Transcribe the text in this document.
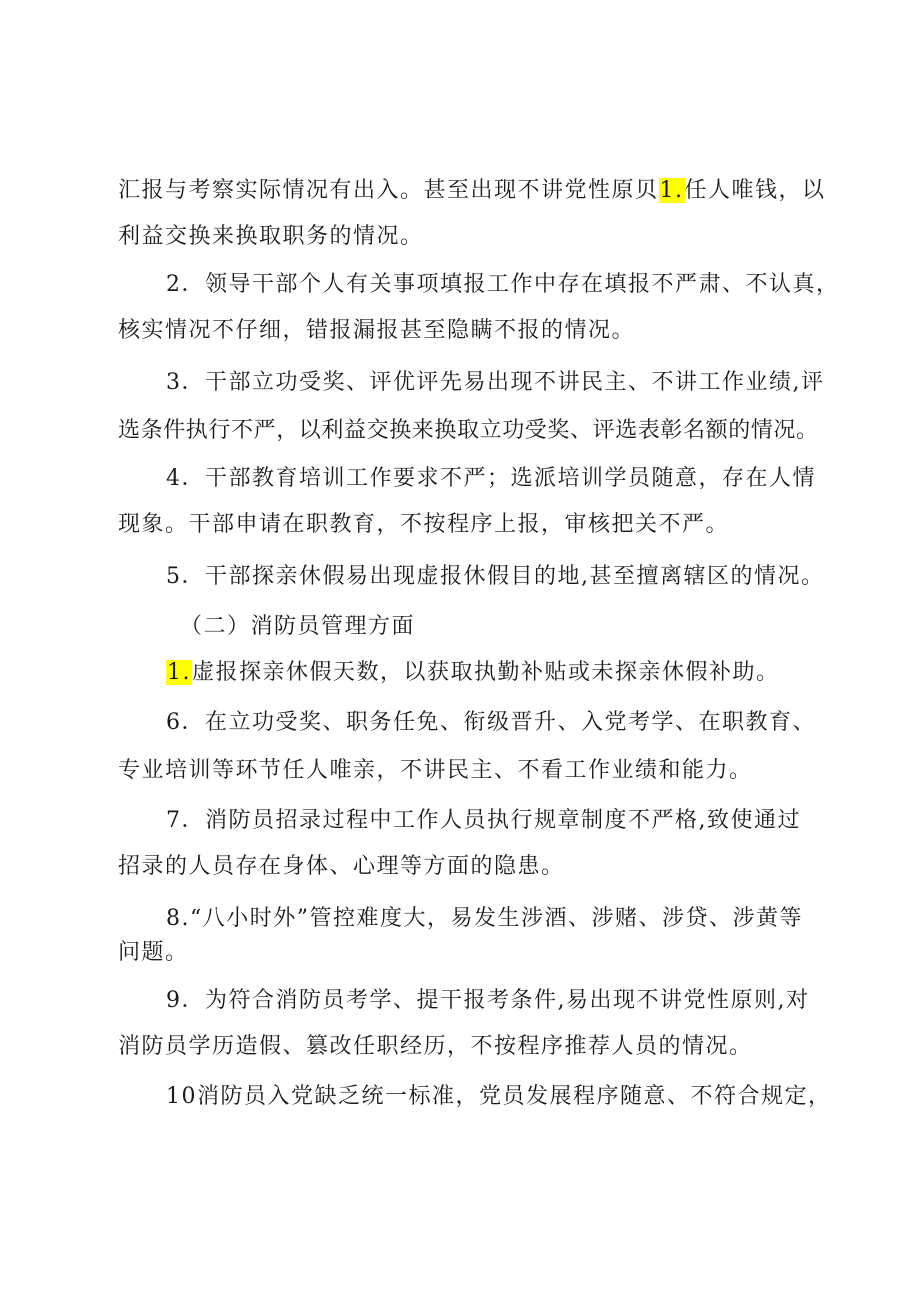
汇报与考察实际情况有出入。甚至出现不讲党性原贝1.任人唯钱，以
利益交换来换取职务的情况。
2．领导干部个人有关事项填报工作中存在填报不严肃、不认真，
核实情况不仔细，错报漏报甚至隐瞒不报的情况。
3．干部立功受奖、评优评先易出现不讲民主、不讲工作业绩,评
选条件执行不严，以利益交换来换取立功受奖、评选表彰名额的情况。
4．干部教育培训工作要求不严；选派培训学员随意，存在人情
现象。干部申请在职教育，不按程序上报，审核把关不严。
5．干部探亲休假易出现虚报休假目的地,甚至擅离辖区的情况。
（二）消防员管理方面
1.虚报探亲休假天数，以获取执勤补贴或未探亲休假补助。
6．在立功受奖、职务任免、衔级晋升、入党考学、在职教育、
专业培训等环节任人唯亲，不讲民主、不看工作业绩和能力。
7．消防员招录过程中工作人员执行规章制度不严格,致使通过
招录的人员存在身体、心理等方面的隐患。
8.“八小时外”管控难度大，易发生涉酒、涉赌、涉贷、涉黄等
问题。
9．为符合消防员考学、提干报考条件,易出现不讲党性原则,对
消防员学历造假、篡改任职经历，不按程序推荐人员的情况。
10消防员入党缺乏统一标准，党员发展程序随意、不符合规定，
